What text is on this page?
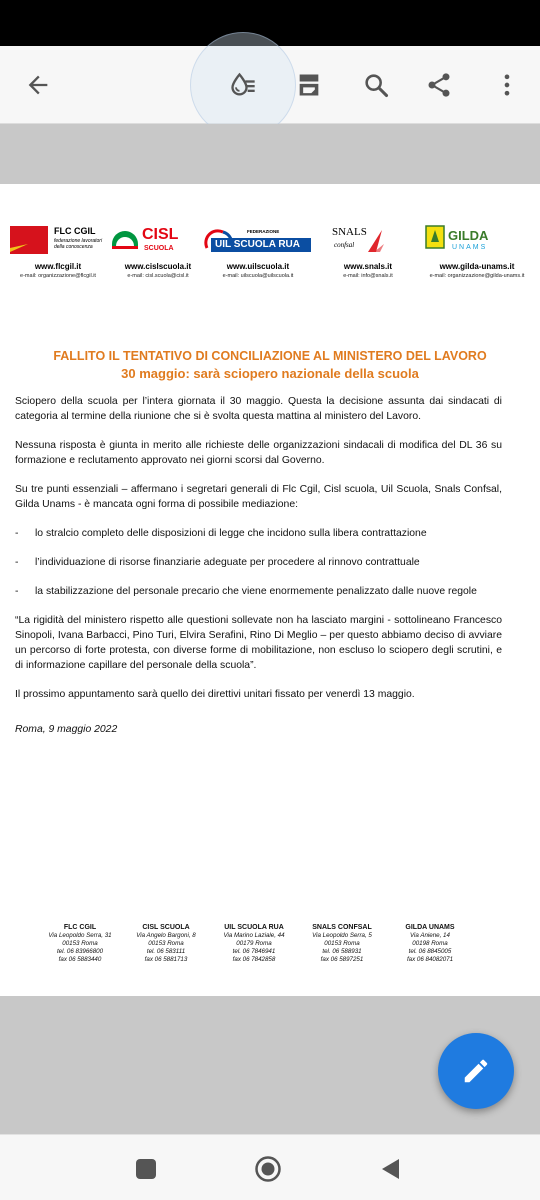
FLC CGIL
federazione lavoratori della conoscenza
www.flcgil.it
e-mail: organizzazione@flcgil.it
CISL
SCUOLA
www.cislscuola.it
e-mail: cisl.scuola@cisl.it
FEDERAZIONE
UIL SCUOLA RUA
www.uilscuola.it
e-mail: uilscuola@uilscuola.it
SNALS
confsal
www.snals.it
e-mail: info@snals.it
GILDA
UNAMS
www.gilda-unams.it
e-mail: organizzazione@gilda-unams.it
FALLITO IL TENTATIVO DI CONCILIAZIONE AL MINISTERO DEL LAVORO
30 maggio: sarà sciopero nazionale della scuola

Sciopero della scuola per l’intera giornata il 30 maggio. Questa la decisione assunta dai sindacati di categoria al termine della riunione che si è svolta questa mattina al ministero del Lavoro.

Nessuna risposta è giunta in merito alle richieste delle organizzazioni sindacali di modifica del DL 36 su formazione e reclutamento approvato nei giorni scorsi dal Governo.

Su tre punti essenziali – affermano i segretari generali di Flc Cgil, Cisl scuola, Uil Scuola, Snals Confsal, Gilda Unams - è mancata ogni forma di possibile mediazione:

-	lo stralcio completo delle disposizioni di legge che incidono sulla libera contrattazione
-	l’individuazione di risorse finanziarie adeguate per procedere al rinnovo contrattuale
-	la stabilizzazione del personale precario che viene enormemente penalizzato dalle nuove regole

“La rigidità del ministero rispetto alle questioni sollevate non ha lasciato margini - sottolineano Francesco Sinopoli, Ivana Barbacci, Pino Turi, Elvira Serafini, Rino Di Meglio – per questo abbiamo deciso di avviare un percorso di forte protesta, con diverse forme di mobilitazione, non escluso lo sciopero degli scrutini, e di informazione capillare del personale della scuola”.

Il prossimo appuntamento sarà quello dei direttivi unitari fissato per venerdì 13 maggio.

Roma, 9 maggio 2022

FLC CGIL
Via Leopoldo Serra, 31
00153 Roma
tel. 06 83966800
fax 06 5883440
CISL SCUOLA
Via Angelo Bargoni, 8
00153 Roma
tel. 06 583111
fax 06 5881713
UIL SCUOLA RUA
Via Marino Laziale, 44
00179 Roma
tel. 06 7846941
fax 06 7842858
SNALS CONFSAL
Via Leopoldo Serra, 5
00153 Roma
tel. 06 588931
fax 06 5897251
GILDA UNAMS
Via Aniene, 14
00198 Roma
tel. 06 8845005
fax 06 84082071
